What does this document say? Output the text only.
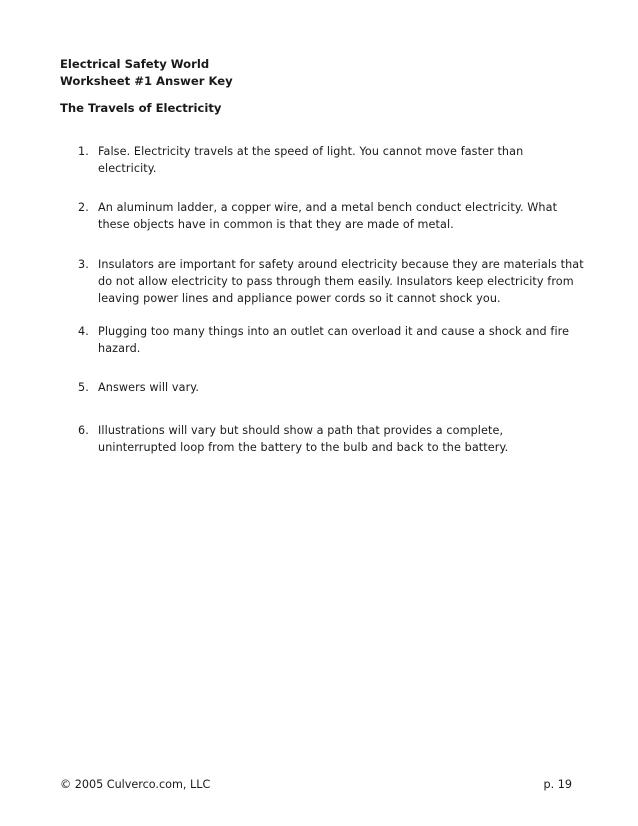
Electrical Safety World
Worksheet #1 Answer Key
The Travels of Electricity
1. False. Electricity travels at the speed of light. You cannot move faster than electricity.
2. An aluminum ladder, a copper wire, and a metal bench conduct electricity. What these objects have in common is that they are made of metal.
3. Insulators are important for safety around electricity because they are materials that do not allow electricity to pass through them easily. Insulators keep electricity from leaving power lines and appliance power cords so it cannot shock you.
4. Plugging too many things into an outlet can overload it and cause a shock and fire hazard.
5. Answers will vary.
6. Illustrations will vary but should show a path that provides a complete, uninterrupted loop from the battery to the bulb and back to the battery.
© 2005 Culverco.com, LLC	p. 19
